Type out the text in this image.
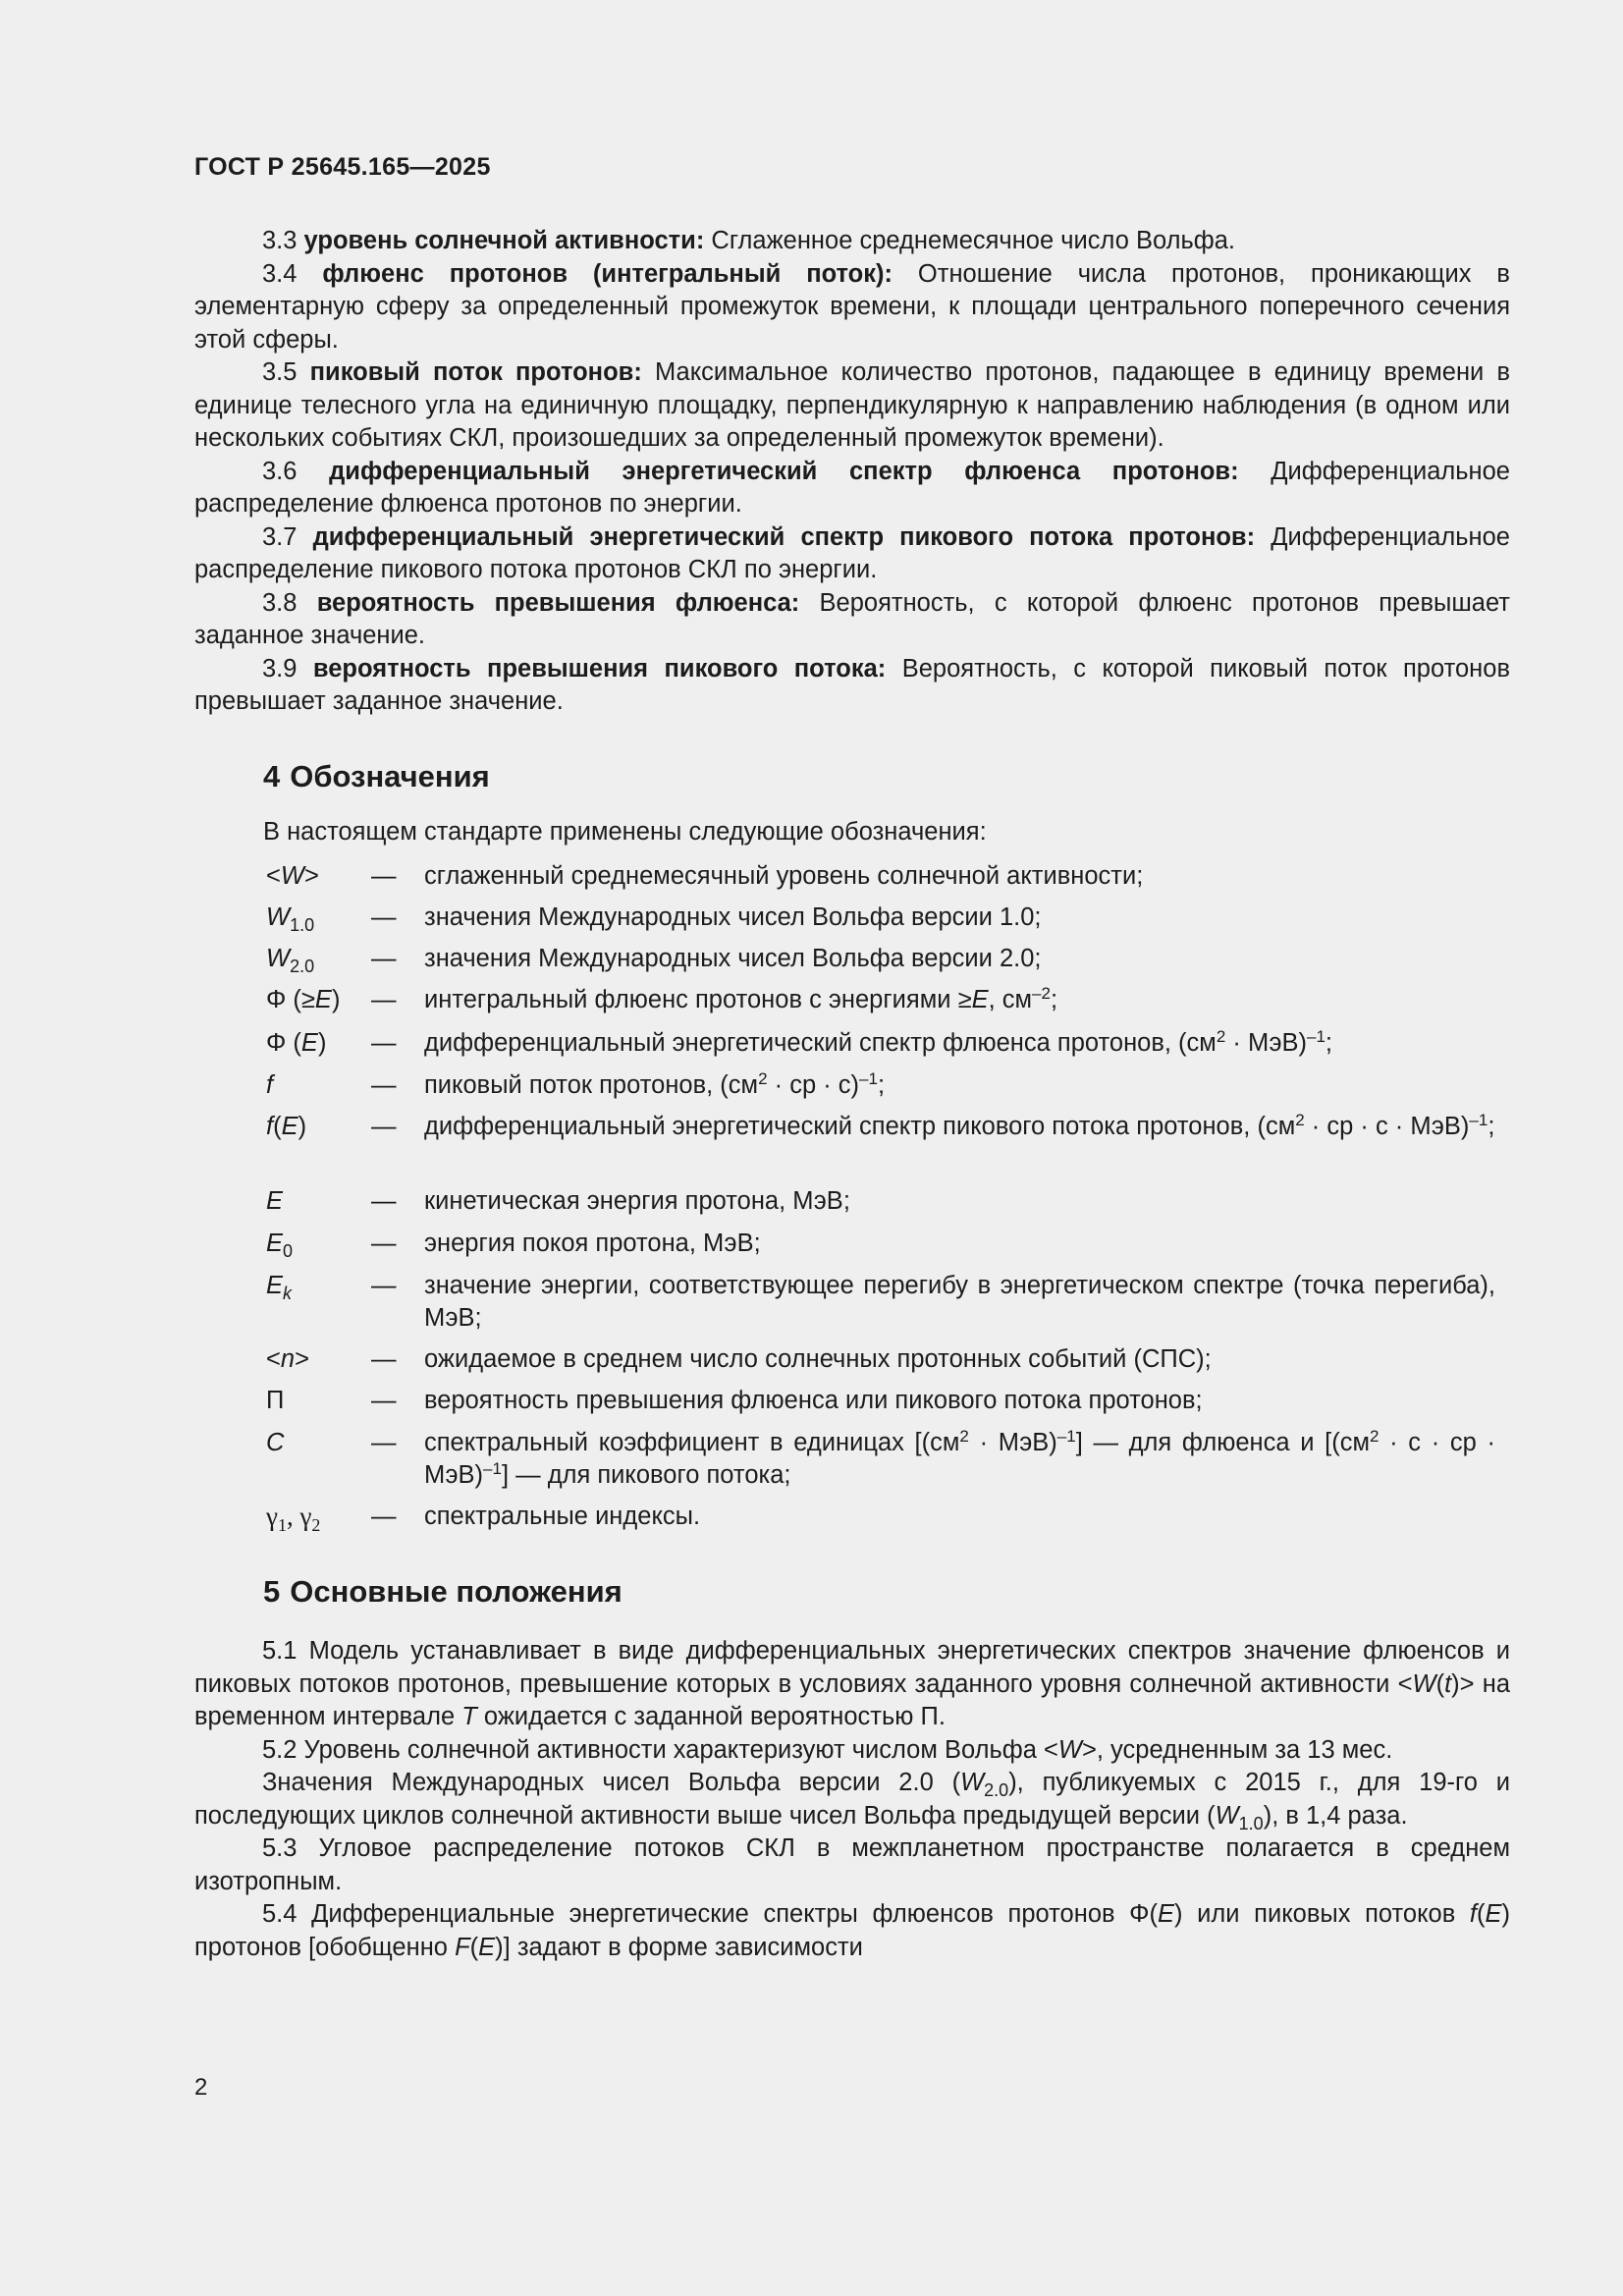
ГОСТ Р 25645.165—2025

3.3 уровень солнечной активности: Сглаженное среднемесячное число Вольфа.

3.4 флюенс протонов (интегральный поток): Отношение числа протонов, проникающих в элементарную сферу за определенный промежуток времени, к площади центрального поперечного сечения этой сферы.

3.5 пиковый поток протонов: Максимальное количество протонов, падающее в единицу времени в единице телесного угла на единичную площадку, перпендикулярную к направлению наблюдения (в одном или нескольких событиях СКЛ, произошедших за определенный промежуток времени).

3.6 дифференциальный энергетический спектр флюенса протонов: Дифференциальное распределение флюенса протонов по энергии.

3.7 дифференциальный энергетический спектр пикового потока протонов: Дифференциальное распределение пикового потока протонов СКЛ по энергии.

3.8 вероятность превышения флюенса: Вероятность, с которой флюенс протонов превышает заданное значение.

3.9 вероятность превышения пикового потока: Вероятность, с которой пиковый поток протонов превышает заданное значение.

4 Обозначения
В настоящем стандарте применены следующие обозначения:
<W> — сглаженный среднемесячный уровень солнечной активности;
$W_{1.0}$ — значения Международных чисел Вольфа версии 1.0;
$W_{2.0}$ — значения Международных чисел Вольфа версии 2.0;
Φ (≥E) — интегральный флюенс протонов с энергиями ≥E, $см^{-2}$;
Φ (E) — дифференциальный энергетический спектр флюенса протонов, $(см^2 \cdot МэВ)^{-1}$;
f	— пиковый поток протонов, ($см^2$ · ср · с)$^{-1}$;
f(E)	— дифференциальный энергетический спектр пикового потока протонов, ($см^2$ · ср · с · МэВ)$^{-1}$;
E	— кинетическая энергия протона, МэВ;
$E_0$	— энергия покоя протона, МэВ;
$E_k$	— значение энергии, соответствующее перегибу в энергетическом спектре (точка перегиба), МэВ;
<n> — ожидаемое в среднем число солнечных протонных событий (СПС);
П	— вероятность превышения флюенса или пикового потока протонов;
C	— спектральный коэффициент в единицах $[(см^2 \cdot МэВ)^{-1}]$ — для флюенса и [($см^2 \cdot с$ · ср · МэВ)$^{-1}$] — для пикового потока;
$\gamma_1$, $\gamma_2$ — спектральные индексы.
5 Основные положения

5.1 Модель устанавливает в виде дифференциальных энергетических спектров значение флюенсов и пиковых потоков протонов, превышение которых в условиях заданного уровня солнечной активности <W(t)> на временном интервале T ожидается с заданной вероятностью П.

5.2 Уровень солнечной активности характеризуют числом Вольфа <W>, усредненным за 13 мес.

Значения Международных чисел Вольфа версии 2.0 $(W_{2.0})$, публикуемых с 2015 г., для 19-го и последующих циклов солнечной активности выше чисел Вольфа предыдущей версии $(W_{1.0})$, в 1,4 раза.

5.3 Угловое распределение потоков СКЛ в межпланетном пространстве полагается в среднем изотропным.

5.4 Дифференциальные энергетические спектры флюенсов протонов Φ(E) или пиковых потоков f(E) протонов [обобщенно F(E)] задают в форме зависимости

2
